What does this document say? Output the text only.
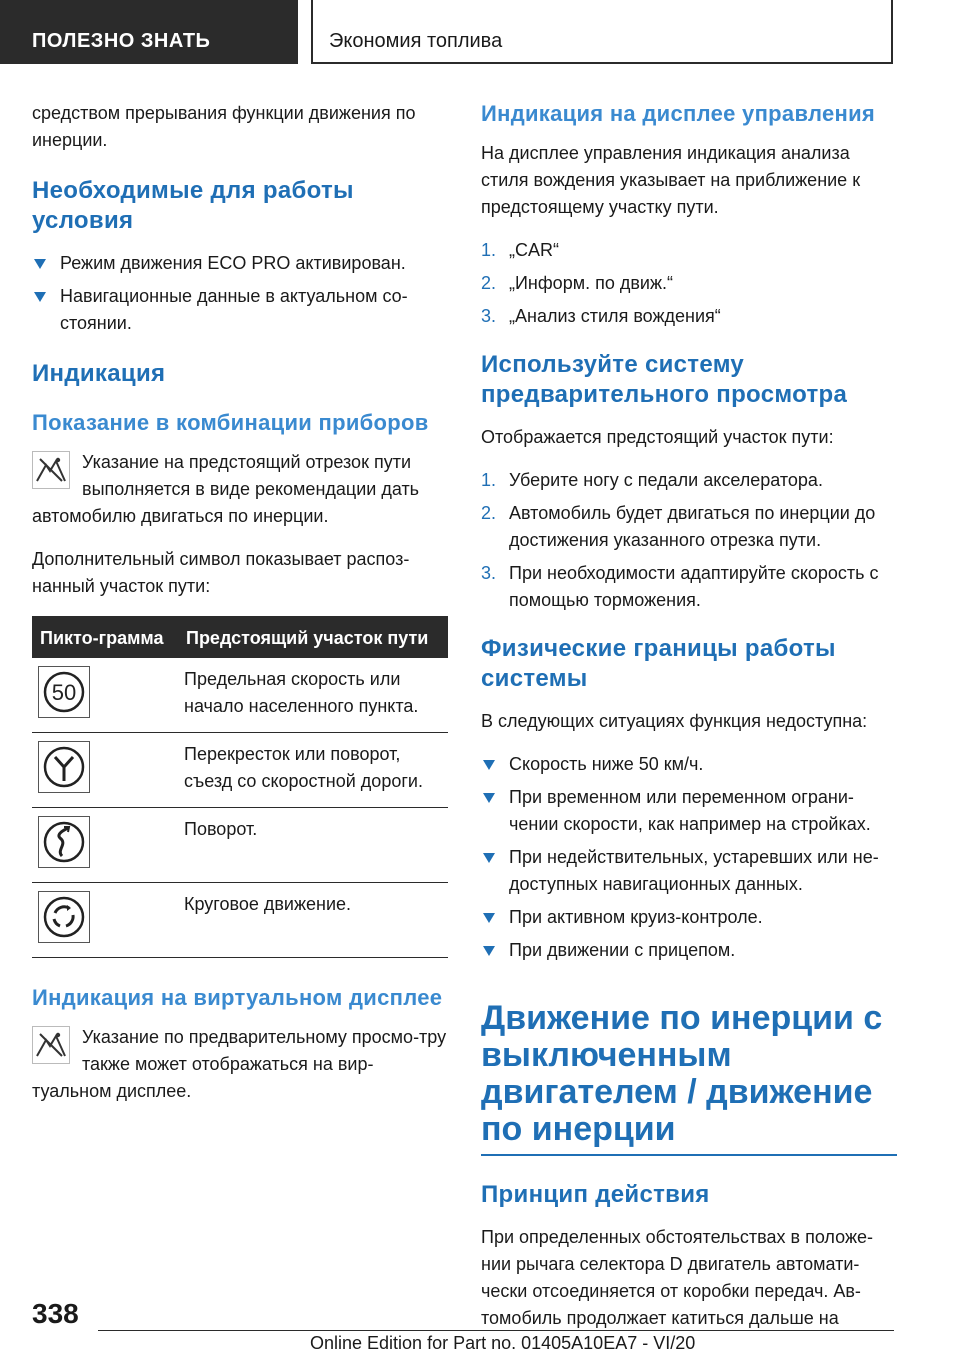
ПОЛЕЗНО ЗНАТЬ	Экономия топлива

средством прерывания функции движения по инерции.

Необходимые для работы условия
Режим движения ECO PRO активирован.
Навигационные данные в актуальном со-стоянии.
Индикация
Показание в комбинации приборов

Указание на предстоящий отрезок пути выполняется в виде рекомендации дать автомобилю двигаться по инерции.

Дополнительный символ показывает распоз-нанный участок пути:

Пикто-грамма	Предстоящий участок пути

50	Предельная скорость или начало населенного пункта.

	Перекресток или поворот, съезд со скоростной дороги.

	Поворот.

	Круговое движение.
Индикация на виртуальном дисплее

Указание по предварительному просмо-тру также может отображаться на вир-туальном дисплее.

Индикация на дисплее управления

На дисплее управления индикация анализа стиля вождения указывает на приближение к предстоящему участку пути.

1. „CAR“
2. „Информ. по движ.“
3. „Анализ стиля вождения“
Используйте систему предварительного просмотра

Отображается предстоящий участок пути:

1. Уберите ногу с педали акселератора.
2. Автомобиль будет двигаться по инерции до достижения указанного отрезка пути.
3. При необходимости адаптируйте скорость с помощью торможения.
Физические границы работы системы

В следующих ситуациях функция недоступна:

Скорость ниже 50 км/ч.
При временном или переменном ограни-чении скорости, как например на стройках.
При недействительных, устаревших или не-доступных навигационных данных.
При активном круиз-контроле.
При движении с прицепом.
Движение по инерции с выключенным двигателем / движение по инерции
Принцип действия

При определенных обстоятельствах в положе-нии рычага селектора D двигатель автомати-чески отсоединяется от коробки передач. Ав-томобиль продолжает катиться дальше на

338
Online Edition for Part no. 01405A10EA7 - VI/20
